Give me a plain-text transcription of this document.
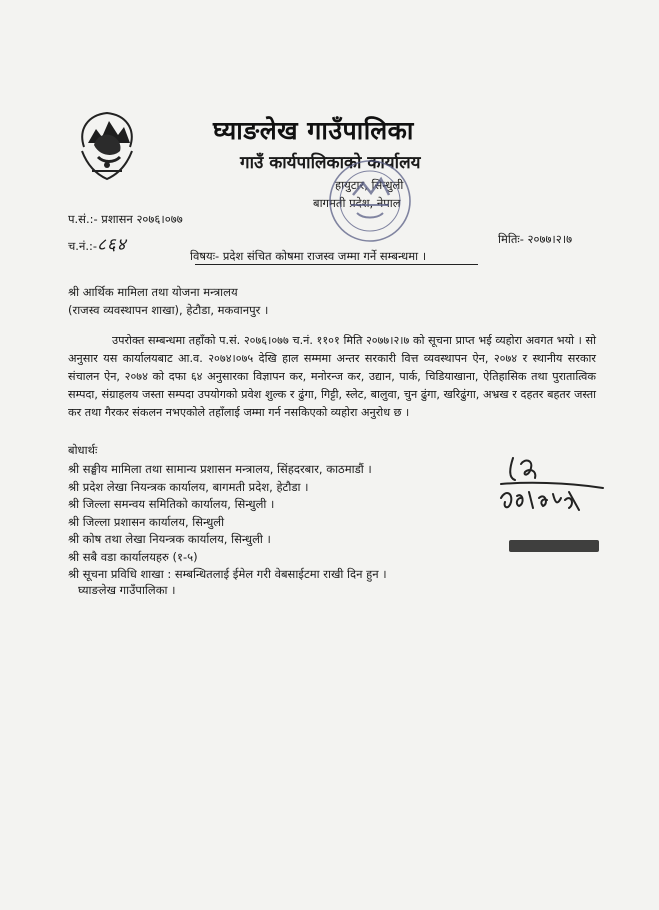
घ्याङलेख गाउँपालिका
गाउँ कार्यपालिकाको कार्यालय
हायुटार, सिन्धुली
बागमती प्रदेश, नेपाल
प.सं.:- प्रशासन २०७६।०७७
च.नं.:-८६४	मितिः- २०७७।२।७
विषयः- प्रदेश संचित कोषमा राजस्व जम्मा गर्ने सम्बन्धमा ।
श्री आर्थिक मामिला तथा योजना मन्त्रालय
(राजस्व व्यवस्थापन शाखा), हेटौडा, मकवानपुर ।
उपरोक्त सम्बन्धमा तहाँको प.सं. २०७६।०७७ च.नं. ११०१ मिति २०७७।२।७ को सूचना प्राप्त भई व्यहोरा अवगत भयो । सो अनुसार यस कार्यालयबाट आ.व. २०७४।०७५ देखि हाल सम्ममा अन्तर सरकारी वित्त व्यवस्थापन ऐन, २०७४ र स्थानीय सरकार संचालन ऐन, २०७४ को दफा ६४ अनुसारका विज्ञापन कर, मनोरन्ज कर, उद्यान, पार्क, चिडियाखाना, ऐतिहासिक तथा पुरातात्विक सम्पदा, संग्राहलय जस्ता सम्पदा उपयोगको प्रवेश शुल्क र ढुंगा, गिट्टी, स्लेट, बालुवा, चुन ढुंगा, खरिढुंगा, अभ्रख र दहतर बहतर जस्ता कर तथा गैरकर संकलन नभएकोले तहाँलाई जम्मा गर्न नसकिएको व्यहोरा अनुरोध छ ।
बोधार्थः
श्री सङ्घीय मामिला तथा सामान्य प्रशासन मन्त्रालय, सिंहदरबार, काठमाडौं ।
श्री प्रदेश लेखा नियन्त्रक कार्यालय, बागमती प्रदेश, हेटौडा ।
श्री जिल्ला समन्वय समितिको कार्यालय, सिन्धुली ।
श्री जिल्ला प्रशासन कार्यालय, सिन्धुली
श्री कोष तथा लेखा नियन्त्रक कार्यालय, सिन्धुली ।
श्री सबै वडा कार्यालयहरु (१-५)
श्री सूचना प्रविधि शाखा : सम्बन्धितलाई ईमेल गरी वेबसाईटमा राखी दिन हुन ।
घ्याङलेख गाउँपालिका ।
